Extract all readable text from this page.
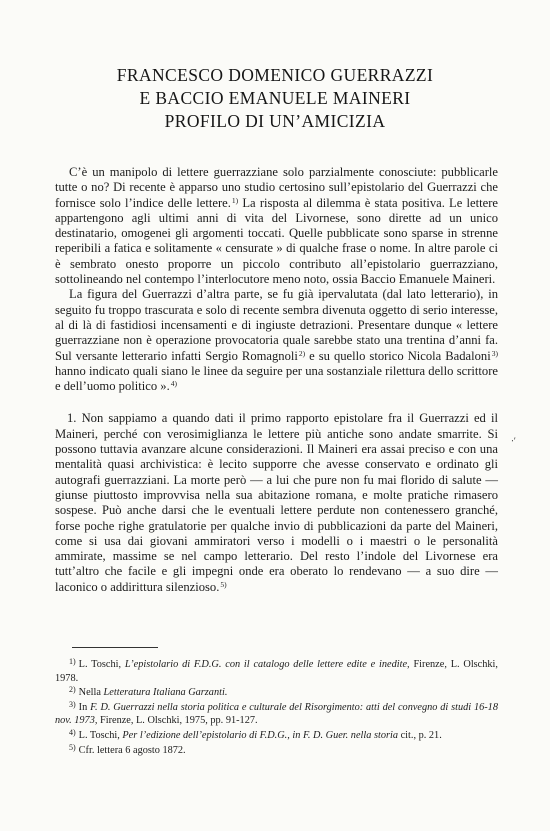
FRANCESCO DOMENICO GUERRAZZI
E BACCIO EMANUELE MAINERI
PROFILO DI UN’AMICIZIA

C’è un manipolo di lettere guerrazziane solo parzialmente conosciute: pubblicarle tutte o no? Di recente è apparso uno studio certosino sull’epistolario del Guerrazzi che fornisce solo l’indice delle lettere.$^{1)}$ La risposta al dilemma è stata positiva. Le lettere appartengono agli ultimi anni di vita del Livornese, sono dirette ad un unico destinatario, omogenei gli argomenti toccati. Quelle pubblicate sono sparse in strenne reperibili a fatica e solitamente « censurate » di qualche frase o nome. In altre parole ci è sembrato onesto proporre un piccolo contributo all’epistolario guerrazziano, sottolineando nel contempo l’interlocutore meno noto, ossia Baccio Emanuele Maineri.

La figura del Guerrazzi d’altra parte, se fu già ipervalutata (dal lato letterario), in seguito fu troppo trascurata e solo di recente sembra divenuta oggetto di serio interesse, al di là di fastidiosi incensamenti e di ingiuste detrazioni. Presentare dunque « lettere guerrazziane non è operazione provocatoria quale sarebbe stato una trentina d’anni fa. Sul versante letterario infatti Sergio Romagnoli$^{2)}$ e su quello storico Nicola Badaloni$^{3)}$ hanno indicato quali siano le linee da seguire per una sostanziale rilettura dello scrittore e dell’uomo politico ».$^{4)}$

1. Non sappiamo a quando dati il primo rapporto epistolare fra il Guerrazzi ed il Maineri, perché con verosimiglianza le lettere più antiche sono andate smarrite. Si possono tuttavia avanzare alcune considerazioni. Il Maineri era assai preciso e con una mentalità quasi archivistica: è lecito supporre che avesse conservato e ordinato gli autografi guerrazziani. La morte però — a lui che pure non fu mai florido di salute — giunse piuttosto improvvisa nella sua abitazione romana, e molte pratiche rimasero sospese. Può anche darsi che le eventuali lettere perdute non contenessero granché, forse poche righe gratulatorie per qualche invio di pubblicazioni da parte del Maineri, come si usa dai giovani ammiratori verso i modelli o i maestri o le personalità ammirate, massime se nel campo letterario. Del resto l’indole del Livornese era tutt’altro che facile e gli impegni onde era oberato lo rendevano — a suo dire — laconico o addirittura silenzioso.$^{5)}$

‧′

$^{1)}$ L. Toschi, L’epistolario di F.D.G. con il catalogo delle lettere edite e inedite, Firenze, L. Olschki, 1978.

$^{2)}$ Nella Letteratura Italiana Garzanti.

$^{3)}$ In F. D. Guerrazzi nella storia politica e culturale del Risorgimento: atti del convegno di studi 16-18 nov. 1973, Firenze, L. Olschki, 1975, pp. 91-127.

$^{4)}$ L. Toschi, Per l’edizione dell’epistolario di F.D.G., in F. D. Guer. nella storia cit., p. 21.

$^{5)}$ Cfr. lettera 6 agosto 1872.
